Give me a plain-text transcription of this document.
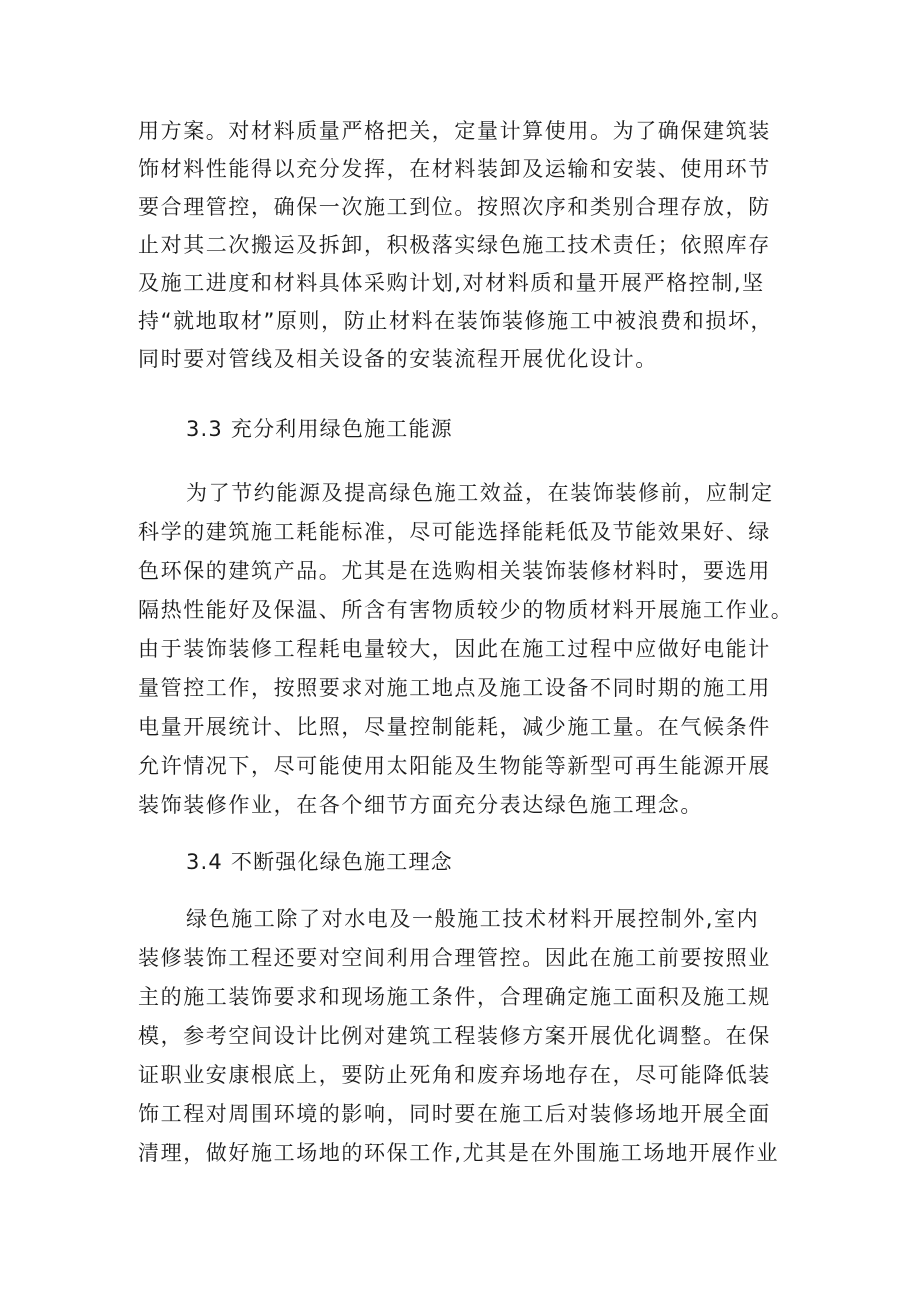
用方案。对材料质量严格把关，定量计算使用。为了确保建筑装
饰材料性能得以充分发挥，在材料装卸及运输和安装、使用环节
要合理管控，确保一次施工到位。按照次序和类别合理存放，防
止对其二次搬运及拆卸，积极落实绿色施工技术责任；依照库存
及施工进度和材料具体采购计划,对材料质和量开展严格控制,坚
持“就地取材”原则，防止材料在装饰装修施工中被浪费和损坏，
同时要对管线及相关设备的安装流程开展优化设计。
3.3 充分利用绿色施工能源
为了节约能源及提高绿色施工效益，在装饰装修前，应制定
科学的建筑施工耗能标准，尽可能选择能耗低及节能效果好、绿
色环保的建筑产品。尤其是在选购相关装饰装修材料时，要选用
隔热性能好及保温、所含有害物质较少的物质材料开展施工作业。
由于装饰装修工程耗电量较大，因此在施工过程中应做好电能计
量管控工作，按照要求对施工地点及施工设备不同时期的施工用
电量开展统计、比照，尽量控制能耗，减少施工量。在气候条件
允许情况下，尽可能使用太阳能及生物能等新型可再生能源开展
装饰装修作业，在各个细节方面充分表达绿色施工理念。
3.4 不断强化绿色施工理念
绿色施工除了对水电及一般施工技术材料开展控制外,室内
装修装饰工程还要对空间利用合理管控。因此在施工前要按照业
主的施工装饰要求和现场施工条件，合理确定施工面积及施工规
模，参考空间设计比例对建筑工程装修方案开展优化调整。在保
证职业安康根底上，要防止死角和废弃场地存在，尽可能降低装
饰工程对周围环境的影响，同时要在施工后对装修场地开展全面
清理，做好施工场地的环保工作,尤其是在外围施工场地开展作业
